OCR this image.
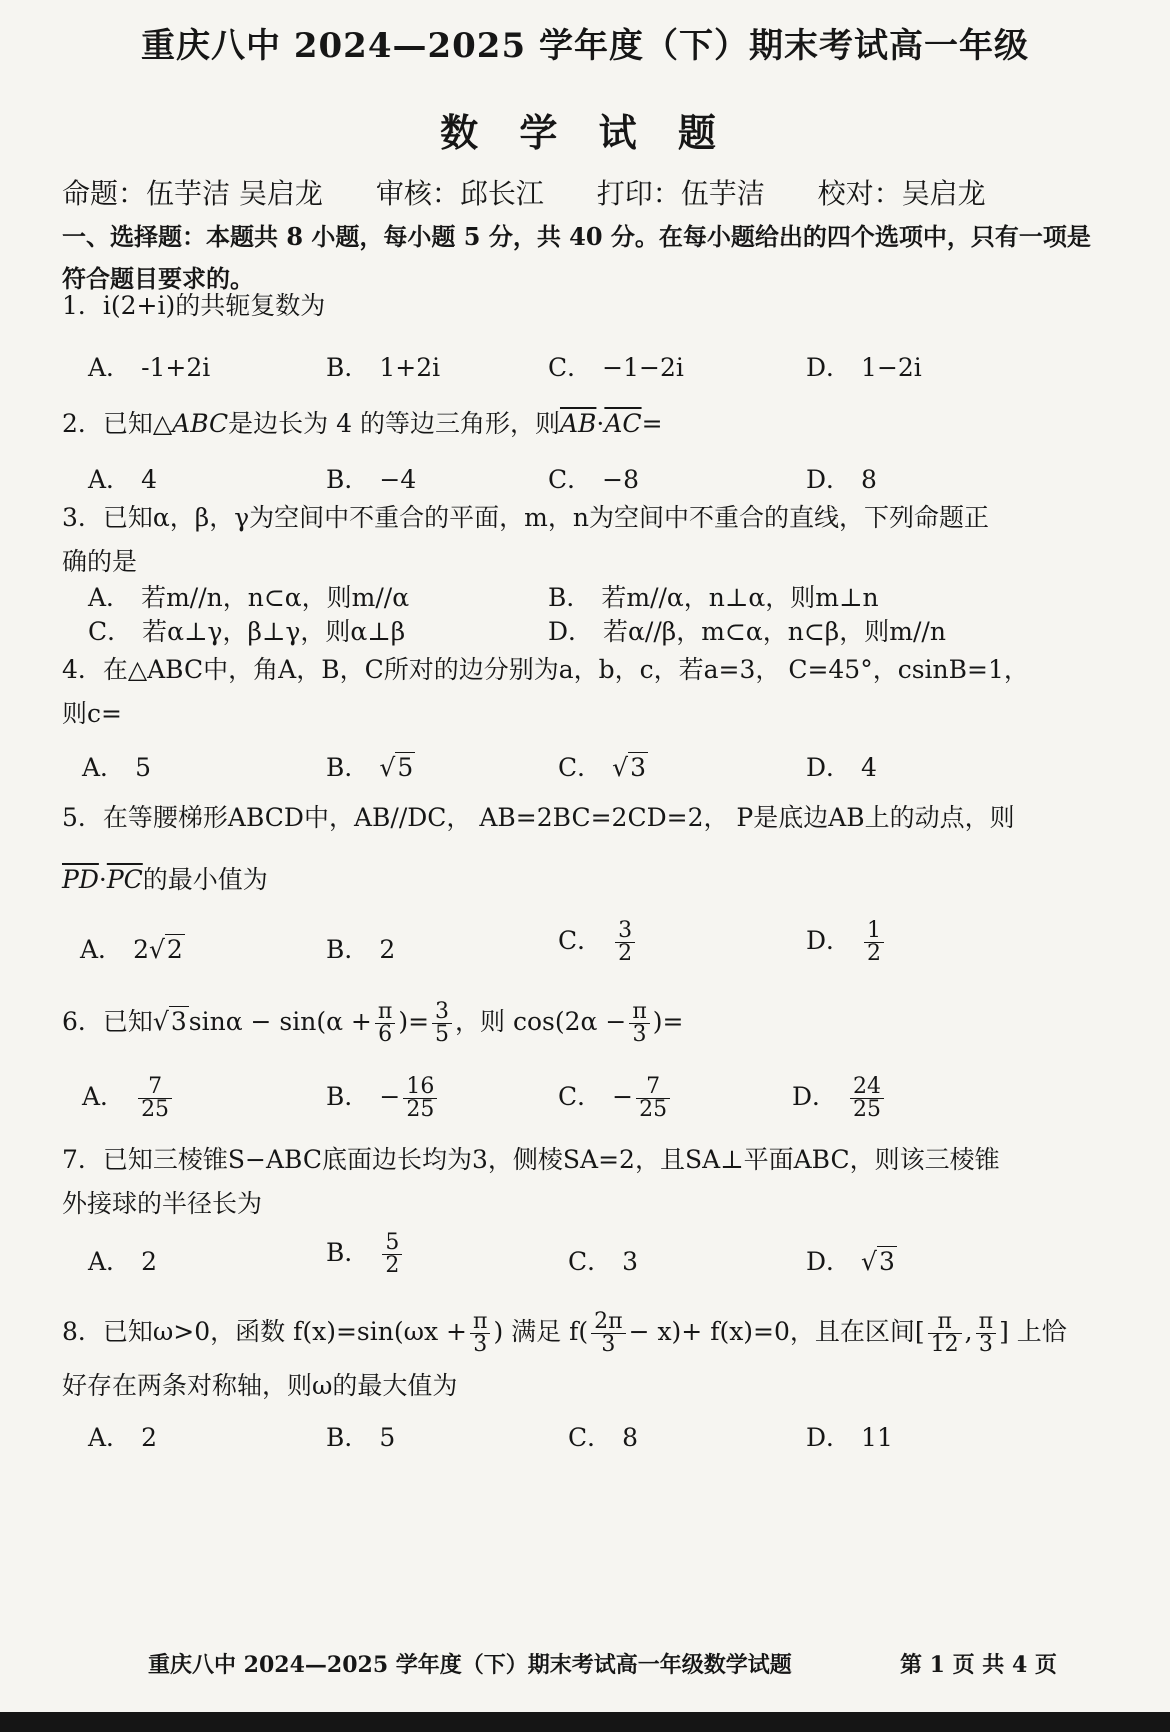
重庆八中 2024—2025 学年度（下）期末考试高一年级
数 学 试 题
命题：伍芋洁 吴启龙 审核：邱长江 打印：伍芋洁 校对：吴启龙
一、选择题：本题共 8 小题，每小题 5 分，共 40 分。在每小题给出的四个选项中，只有一项是符合题目要求的。
1．i(2+i)的共轭复数为
A． -1+2i	B． 1+2i	C． −1−2i	D． 1−2i
2．已知△ABC是边长为 4 的等边三角形，则$\overline{AB}\cdot\overline{AC}=$
A． 4	B． −4	C． −8	D． 8
3．已知α，β，γ为空间中不重合的平面，m，n为空间中不重合的直线，下列命题正
确的是
A． 若m//n，n⊂α，则m//α	B． 若m//α，n⊥α，则m⊥n
C． 若α⊥γ，β⊥γ，则α⊥β	D． 若α//β，m⊂α，n⊂β，则m//n
4．在△ABC中，角A，B，C所对的边分别为a，b，c，若a=3， C=45°，csinB=1，
则c=
A． 5	B． √5	C． √3	D． 4
5．在等腰梯形ABCD中，AB//DC， AB=2BC=2CD=2， P是底边AB上的动点，则
$\overline{PD}\cdot\overline{PC}$的最小值为
A． 2√2	B． 2	C． $\frac{3}{2}$	D． $\frac{1}{2}$
6．已知$√3\sin\alpha - \sin(\alpha + \frac{\pi}{6}$ )= $\frac{3}{5}$ ，则 $\cos(2\alpha - \frac{\pi}{3}$ )=
A． $\frac{7}{25}$	B． − $\frac{16}{25}$	C． − $\frac{7}{25}$	D． $\frac{24}{25}$
7．已知三棱锥S−ABC底面边长均为3，侧棱SA=2，且SA⊥平面ABC，则该三棱锥
外接球的半径长为
A． 2	B． $\frac{5}{2}$	C． 3	D． √3
8．已知ω>0，函数 $f(x)=\sin(\omega x + \frac{\pi}{3}$ ) 满足 $f( \frac{2\pi}{3} - x)+ f(x)=0$，且在区间[ $\frac{\pi}{12}$ , $\frac{\pi}{3}$ ] 上恰
好存在两条对称轴，则ω的最大值为
A． 2	B． 5	C． 8	D． 11
重庆八中 2024—2025 学年度（下）期末考试高一年级数学试题	第 1 页 共 4 页
